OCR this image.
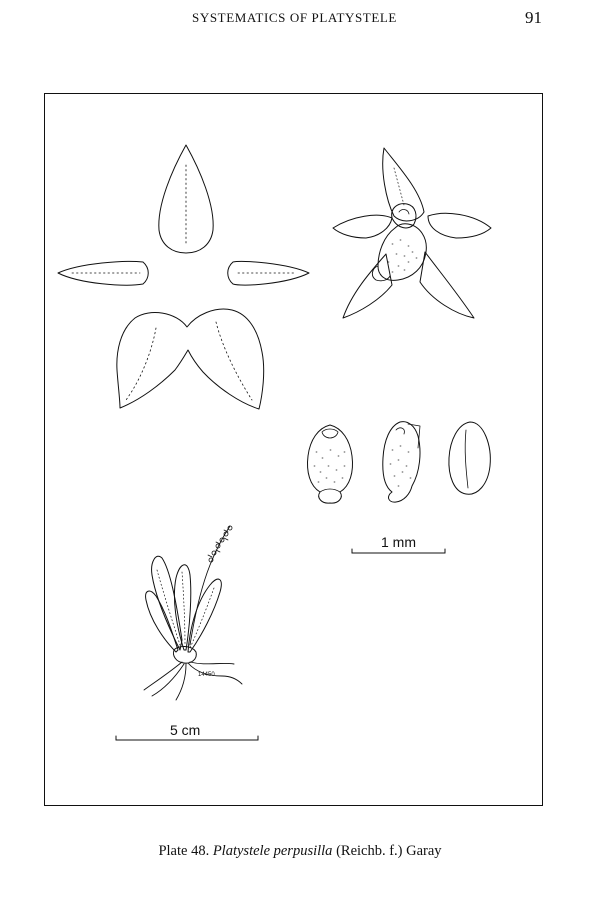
SYSTEMATICS OF PLATYSTELE	91
14450
1 mm
5 cm
Plate 48. Platystele perpusilla (Reichb. f.) Garay
